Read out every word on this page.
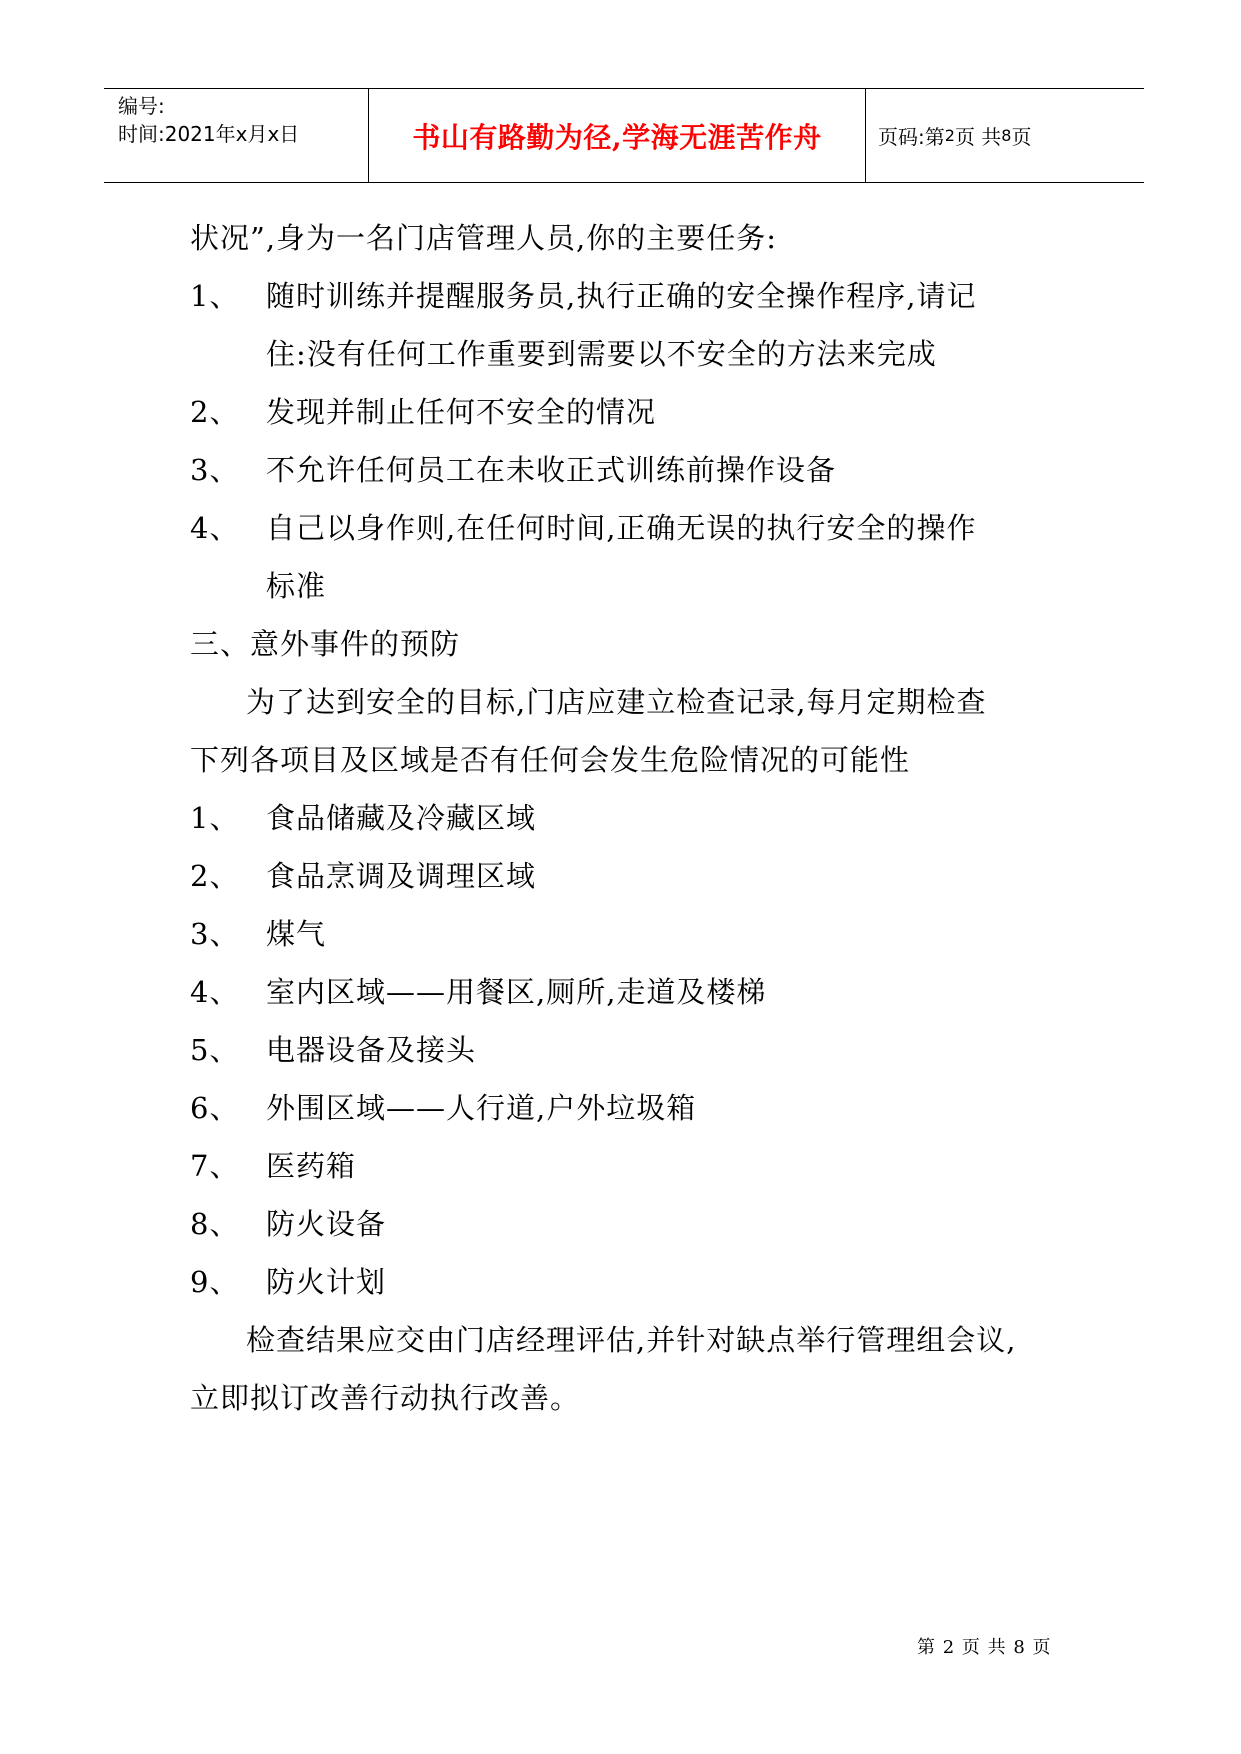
编号:
时间:2021年x月x日	书山有路勤为径,学海无涯苦作舟	页码:第 2 页 共 8 页
状况”,身为一名门店管理人员,你的主要任务:
1、 随时训练并提醒服务员,执行正确的安全操作程序,请记
住:没有任何工作重要到需要以不安全的方法来完成
2、 发现并制止任何不安全的情况
3、 不允许任何员工在未收正式训练前操作设备
4、 自己以身作则,在任何时间,正确无误的执行安全的操作
标准
三、意外事件的预防
为了达到安全的目标,门店应建立检查记录,每月定期检查
下列各项目及区域是否有任何会发生危险情况的可能性
1、 食品储藏及冷藏区域
2、 食品烹调及调理区域
3、 煤气
4、 室内区域——用餐区,厕所,走道及楼梯
5、 电器设备及接头
6、 外围区域——人行道,户外垃圾箱
7、 医药箱
8、 防火设备
9、 防火计划
检查结果应交由门店经理评估,并针对缺点举行管理组会议,
立即拟订改善行动执行改善。
第 2 页 共 8 页
